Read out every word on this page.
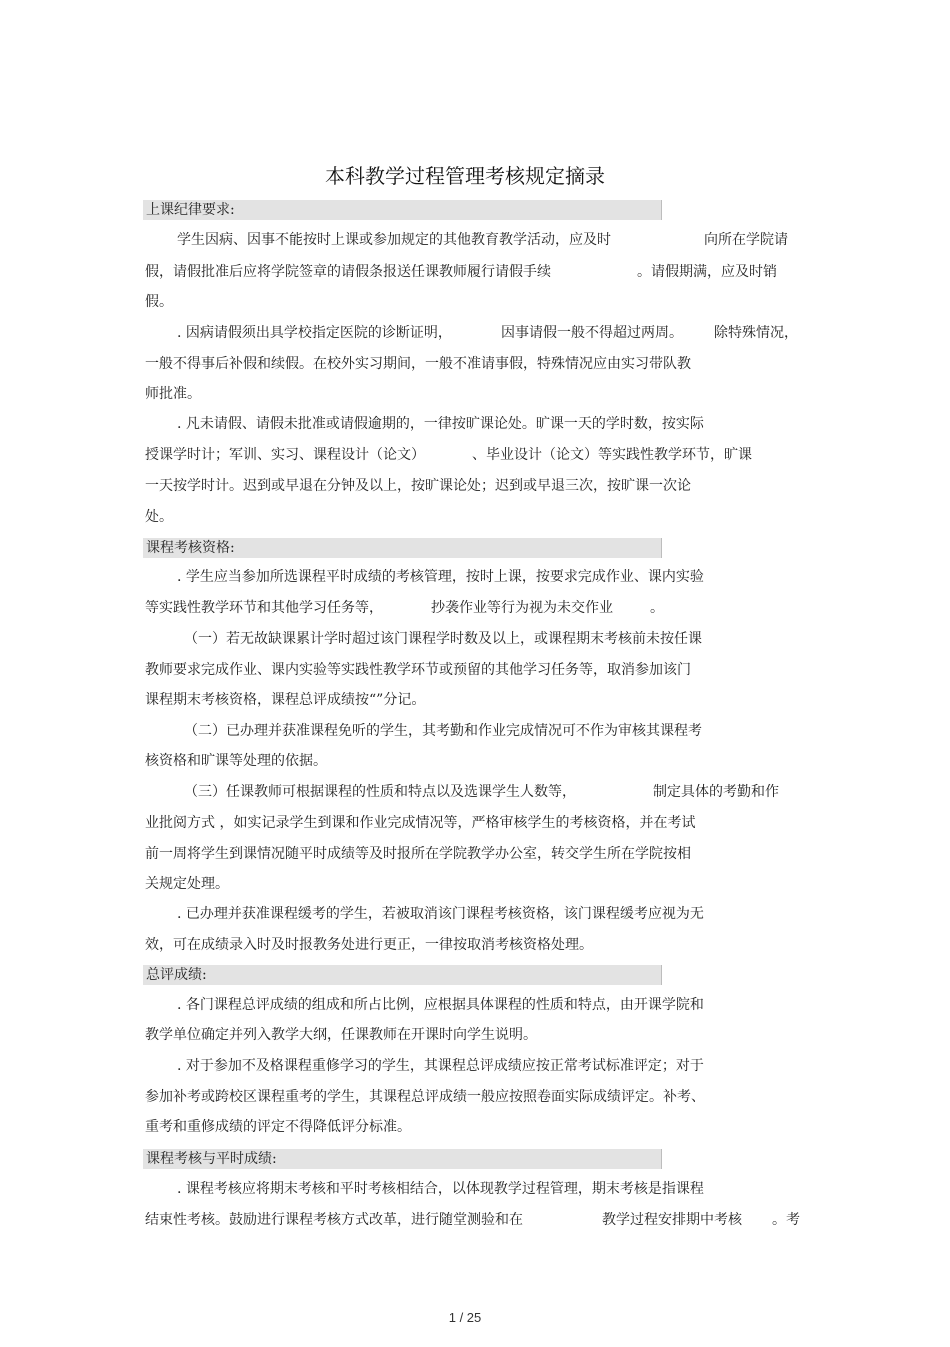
本科教学过程管理考核规定摘录
上课纪律要求:
学生因病、因事不能按时上课或参加规定的其他教育教学活动，应及时	向所在学院请
假，请假批准后应将学院签章的请假条报送任课教师履行请假手续	。请假期满，应及时销
假。
. 因病请假须出具学校指定医院的诊断证明，	因事请假一般不得超过两周。 除特殊情况，
一般不得事后补假和续假。在校外实习期间，一般不准请事假，特殊情况应由实习带队教
师批准。
. 凡未请假、请假未批准或请假逾期的，一律按旷课论处。旷课一天的学时数，按实际
授课学时计；军训、实习、课程设计（论文）	、毕业设计（论文）等实践性教学环节，旷课
一天按学时计。迟到或早退在分钟及以上，按旷课论处；迟到或早退三次，按旷课一次论
处。
课程考核资格:
. 学生应当参加所选课程平时成绩的考核管理，按时上课，按要求完成作业、课内实验
等实践性教学环节和其他学习任务等，	抄袭作业等行为视为未交作业	。
（一）若无故缺课累计学时超过该门课程学时数及以上，或课程期末考核前未按任课
教师要求完成作业、课内实验等实践性教学环节或预留的其他学习任务等，取消参加该门
课程期末考核资格，课程总评成绩按“”分记。
（二）已办理并获准课程免听的学生，其考勤和作业完成情况可不作为审核其课程考
核资格和旷课等处理的依据。
（三）任课教师可根据课程的性质和特点以及选课学生人数等，	制定具体的考勤和作
业批阅方式 ，如实记录学生到课和作业完成情况等，严格审核学生的考核资格，并在考试
前一周将学生到课情况随平时成绩等及时报所在学院教学办公室，转交学生所在学院按相
关规定处理。
. 已办理并获准课程缓考的学生，若被取消该门课程考核资格，该门课程缓考应视为无
效，可在成绩录入时及时报教务处进行更正，一律按取消考核资格处理。
总评成绩:
. 各门课程总评成绩的组成和所占比例，应根据具体课程的性质和特点，由开课学院和
教学单位确定并列入教学大纲，任课教师在开课时向学生说明。
. 对于参加不及格课程重修学习的学生，其课程总评成绩应按正常考试标准评定；对于
参加补考或跨校区课程重考的学生，其课程总评成绩一般应按照卷面实际成绩评定。补考、
重考和重修成绩的评定不得降低评分标准。
课程考核与平时成绩:
. 课程考核应将期末考核和平时考核相结合，以体现教学过程管理，期末考核是指课程
结束性考核。鼓励进行课程考核方式改革，进行随堂测验和在	教学过程安排期中考核 。考
1 / 25
